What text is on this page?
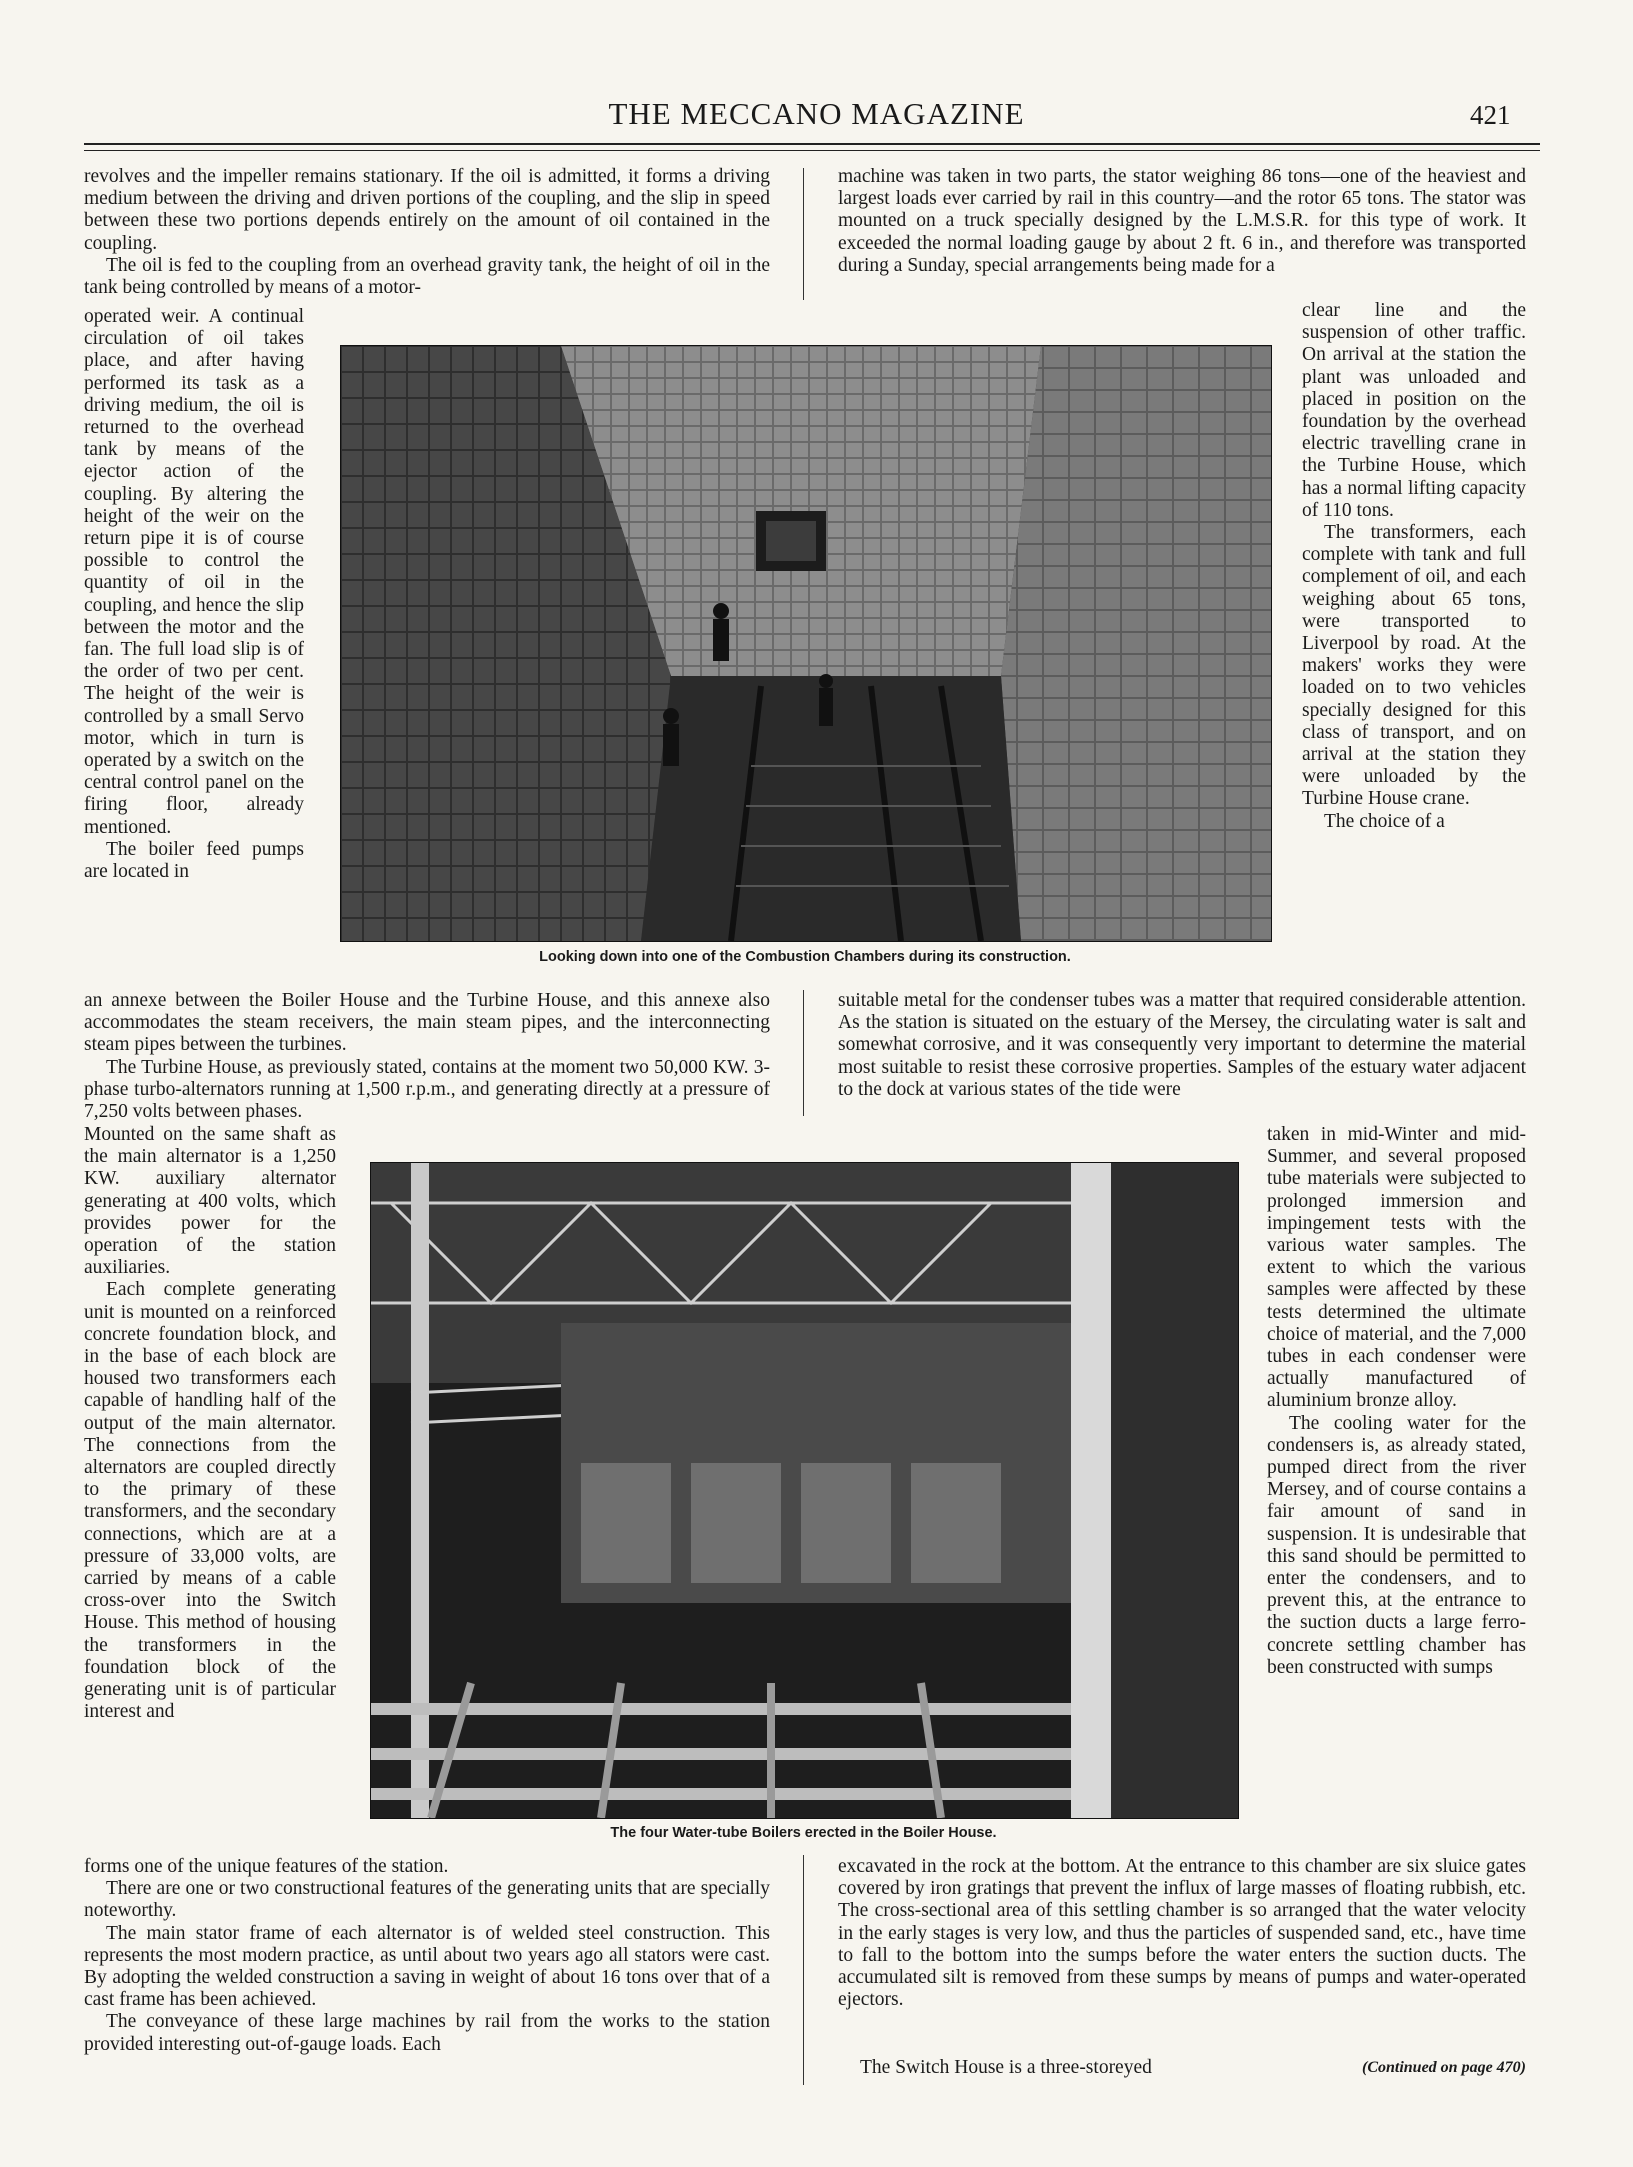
THE MECCANO MAGAZINE	421

revolves and the impeller remains stationary. If the oil is admitted, it forms a driving medium between the driving and driven portions of the coupling, and the slip in speed between these two portions depends entirely on the amount of oil contained in the coupling.

The oil is fed to the coupling from an overhead gravity tank, the height of oil in the tank being controlled by means of a motor-

operated weir. A continual circulation of oil takes place, and after having performed its task as a driving medium, the oil is returned to the overhead tank by means of the ejector action of the coupling. By altering the height of the weir on the return pipe it is of course possible to control the quantity of oil in the coupling, and hence the slip between the motor and the fan. The full load slip is of the order of two per cent. The height of the weir is controlled by a small Servo motor, which in turn is operated by a switch on the central control panel on the firing floor, already mentioned.

The boiler feed pumps are located in

an annexe between the Boiler House and the Turbine House, and this annexe also accommodates the steam receivers, the main steam pipes, and the interconnecting steam pipes between the turbines.

The Turbine House, as previously stated, contains at the moment two 50,000 KW. 3-phase turbo-alternators running at 1,500 r.p.m., and generating directly at a pressure of 7,250 volts between phases.

Mounted on the same shaft as the main alternator is a 1,250 KW. auxiliary alternator generating at 400 volts, which provides power for the operation of the station auxiliaries.

Each complete generating unit is mounted on a reinforced concrete foundation block, and in the base of each block are housed two transformers each capable of handling half of the output of the main alternator. The connections from the alternators are coupled directly to the primary of these transformers, and the secondary connections, which are at a pressure of 33,000 volts, are carried by means of a cable cross-over into the Switch House. This method of housing the transformers in the foundation block of the generating unit is of particular interest and

forms one of the unique features of the station.

There are one or two constructional features of the generating units that are specially noteworthy.

The main stator frame of each alternator is of welded steel construction. This represents the most modern practice, as until about two years ago all stators were cast. By adopting the welded construction a saving in weight of about 16 tons over that of a cast frame has been achieved.

The conveyance of these large machines by rail from the works to the station provided interesting out-of-gauge loads. Each

machine was taken in two parts, the stator weighing 86 tons—one of the heaviest and largest loads ever carried by rail in this country—and the rotor 65 tons. The stator was mounted on a truck specially designed by the L.M.S.R. for this type of work. It exceeded the normal loading gauge by about 2 ft. 6 in., and therefore was transported during a Sunday, special arrangements being made for a

clear line and the suspension of other traffic. On arrival at the station the plant was unloaded and placed in position on the foundation by the overhead electric travelling crane in the Turbine House, which has a normal lifting capacity of 110 tons.

The transformers, each complete with tank and full complement of oil, and each weighing about 65 tons, were transported to Liverpool by road. At the makers' works they were loaded on to two vehicles specially designed for this class of transport, and on arrival at the station they were unloaded by the Turbine House crane.

The choice of a

suitable metal for the condenser tubes was a matter that required considerable attention. As the station is situated on the estuary of the Mersey, the circulating water is salt and somewhat corrosive, and it was consequently very important to determine the material most suitable to resist these corrosive properties. Samples of the estuary water adjacent to the dock at various states of the tide were

taken in mid-Winter and mid-Summer, and several proposed tube materials were subjected to prolonged immersion and impingement tests with the various water samples. The extent to which the various samples were affected by these tests determined the ultimate choice of material, and the 7,000 tubes in each condenser were actually manufactured of aluminium bronze alloy.

The cooling water for the condensers is, as already stated, pumped direct from the river Mersey, and of course contains a fair amount of sand in suspension. It is undesirable that this sand should be permitted to enter the condensers, and to prevent this, at the entrance to the suction ducts a large ferro-concrete settling chamber has been constructed with sumps

excavated in the rock at the bottom. At the entrance to this chamber are six sluice gates covered by iron gratings that prevent the influx of large masses of floating rubbish, etc. The cross-sectional area of this settling chamber is so arranged that the water velocity in the early stages is very low, and thus the particles of suspended sand, etc., have time to fall to the bottom into the sumps before the water enters the suction ducts. The accumulated silt is removed from these sumps by means of pumps and water-operated ejectors.

The Switch House is a three-storeyed	(Continued on page 470)
Looking down into one of the Combustion Chambers during its construction.
The four Water-tube Boilers erected in the Boiler House.
